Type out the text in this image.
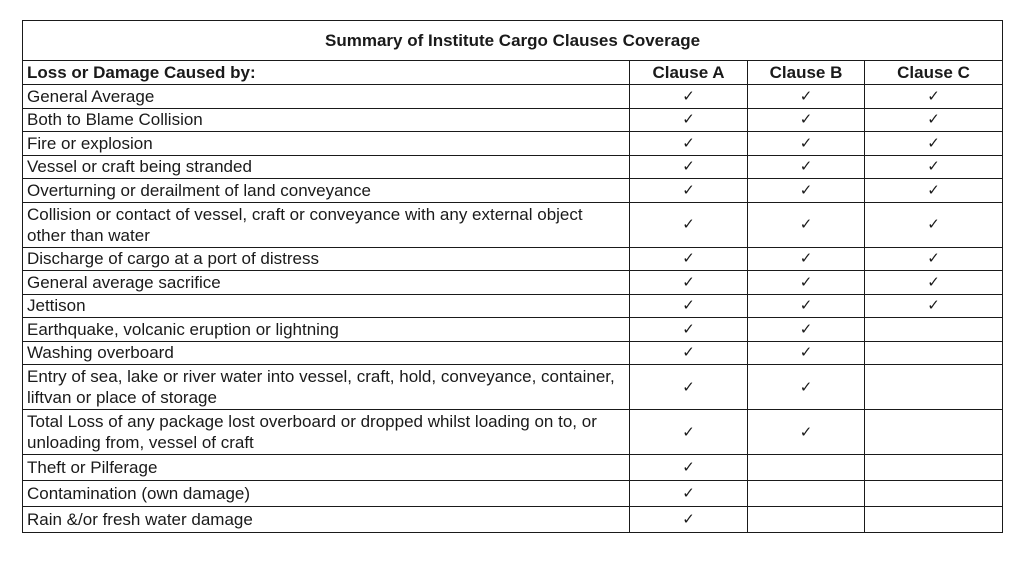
Summary of Institute Cargo Clauses Coverage			
Loss or Damage Caused by:	Clause A	Clause B	Clause C
General Average	✓	✓	✓
Both to Blame Collision	✓	✓	✓
Fire or explosion	✓	✓	✓
Vessel or craft being stranded	✓	✓	✓
Overturning or derailment of land conveyance	✓	✓	✓
Collision or contact of vessel, craft or conveyance with any external object other than water	✓	✓	✓
Discharge of cargo at a port of distress	✓	✓	✓
General average sacrifice	✓	✓	✓
Jettison	✓	✓	✓
Earthquake, volcanic eruption or lightning	✓	✓	
Washing overboard	✓	✓	
Entry of sea, lake or river water into vessel, craft, hold, conveyance, container, liftvan or place of storage	✓	✓	
Total Loss of any package lost overboard or dropped whilst loading on to, or unloading from, vessel of craft	✓	✓	
Theft or Pilferage	✓		
Contamination (own damage)	✓		
Rain &/or fresh water damage	✓		
